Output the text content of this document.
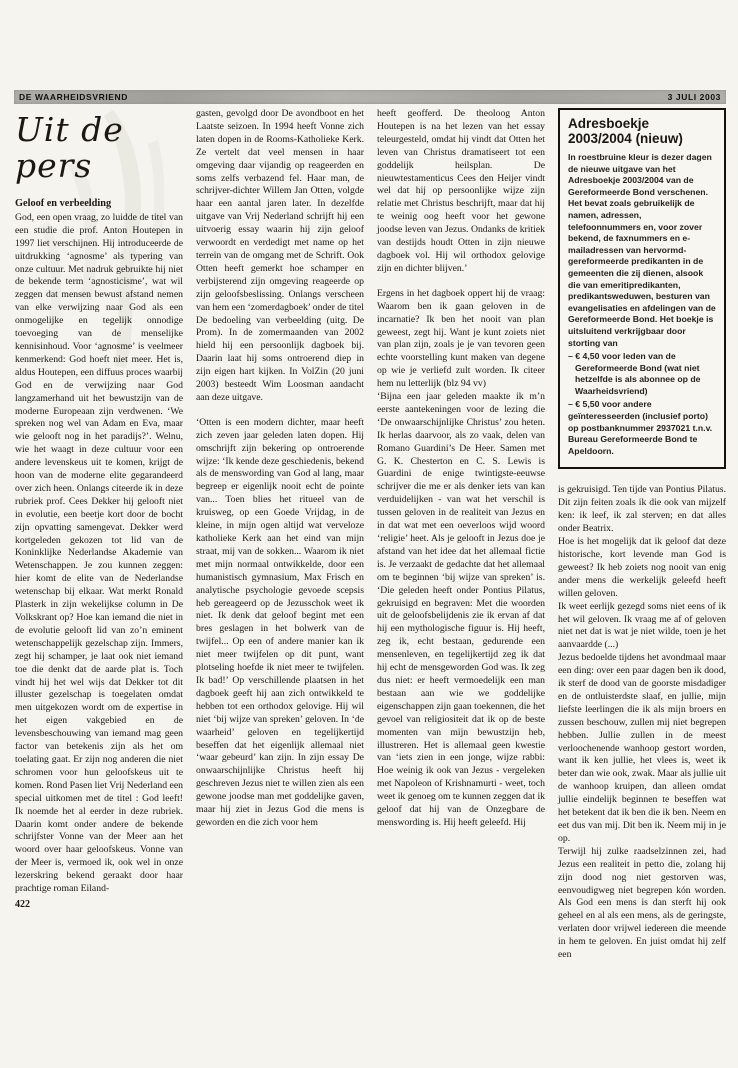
DE WAARHEIDSVRIEND	3 JULI 2003
Uit de pers
Geloof en verbeelding

God, een open vraag, zo luidde de titel van een studie die prof. Anton Houtepen in 1997 liet verschijnen. Hij introduceerde de uitdrukking ‘agnosme’ als typering van onze cultuur. Met nadruk gebruikte hij niet de bekende term ‘agnosticisme’, wat wil zeggen dat mensen bewust afstand nemen van elke verwijzing naar God als een onmogelijke en tegelijk onnodige toevoeging van de menselijke kennisinhoud. Voor ‘agnosme’ is veelmeer kenmerkend: God hoeft niet meer. Het is, aldus Houtepen, een diffuus proces waarbij God en de verwijzing naar God langzamerhand uit het bewustzijn van de moderne Europeaan zijn verdwenen. ‘We spreken nog wel van Adam en Eva, maar wie gelooft nog in het paradijs?’. Welnu, wie het waagt in deze cultuur voor een andere levenskeus uit te komen, krijgt de hoon van de moderne elite gegarandeerd over zich heen. Onlangs citeerde ik in deze rubriek prof. Cees Dekker hij gelooft niet in evolutie, een beetje kort door de bocht zijn opvatting samengevat. Dekker werd kortgeleden gekozen tot lid van de Koninklijke Nederlandse Akademie van Wetenschappen. Je zou kunnen zeggen: hier komt de elite van de Nederlandse wetenschap bij elkaar. Wat merkt Ronald Plasterk in zijn wekelijkse column in De Volkskrant op? Hoe kan iemand die niet in de evolutie gelooft lid van zo’n eminent wetenschappelijk gezelschap zijn. Immers, zegt hij schamper, je laat ook niet iemand toe die denkt dat de aarde plat is. Toch vindt hij het wel wijs dat Dekker tot dit illuster gezelschap is toegelaten omdat men uitgekozen wordt om de expertise in het eigen vakgebied en de levensbeschouwing van iemand mag geen factor van betekenis zijn als het om toelating gaat. Er zijn nog anderen die niet schromen voor hun geloofskeus uit te komen. Rond Pasen liet Vrij Nederland een special uitkomen met de titel : God leeft! Ik noemde het al eerder in deze rubriek. Daarin komt onder andere de bekende schrijfster Vonne van der Meer aan het woord over haar geloofskeus. Vonne van der Meer is, vermoed ik, ook wel in onze lezerskring bekend geraakt door haar prachtige roman Eiland-

422

gasten, gevolgd door De avondboot en het Laatste seizoen. In 1994 heeft Vonne zich laten dopen in de Rooms-Katholieke Kerk. Ze vertelt dat veel mensen in haar omgeving daar vijandig op reageerden en soms zelfs verbazend fel. Haar man, de schrijver-dichter Willem Jan Otten, volgde haar een aantal jaren later. In dezelfde uitgave van Vrij Nederland schrijft hij een uitvoerig essay waarin hij zijn geloof verwoordt en verdedigt met name op het terrein van de omgang met de Schrift. Ook Otten heeft gemerkt hoe schamper en verbijsterend zijn omgeving reageerde op zijn geloofsbeslissing. Onlangs verscheen van hem een ‘zomerdagboek’ onder de titel De bedoeling van verbeelding (uitg. De Prom). In de zomermaanden van 2002 hield hij een persoonlijk dagboek bij. Daarin laat hij soms ontroerend diep in zijn eigen hart kijken. In VolZin (20 juni 2003) besteedt Wim Loosman aandacht aan deze uitgave.

‘Otten is een modern dichter, maar heeft zich zeven jaar geleden laten dopen. Hij omschrijft zijn bekering op ontroerende wijze: ‘Ik kende deze geschiedenis, bekend als de menswording van God al lang, maar begreep er eigenlijk nooit echt de pointe van... Toen blies het ritueel van de kruisweg, op een Goede Vrijdag, in de kleine, in mijn ogen altijd wat verveloze katholieke Kerk aan het eind van mijn straat, mij van de sokken... Waarom ik niet met mijn normaal ontwikkelde, door een humanistisch gymnasium, Max Frisch en analytische psychologie gevoede scepsis heb gereageerd op de Jezusschok weet ik niet. Ik denk dat geloof begint met een bres geslagen in het bolwerk van de twijfel... Op een of andere manier kan ik niet meer twijfelen op dit punt, want plotseling hoefde ik niet meer te twijfelen. Ik bad!’ Op verschillende plaatsen in het dagboek geeft hij aan zich ontwikkeld te hebben tot een orthodox gelovige. Hij wil niet ‘bij wijze van spreken’ geloven. In ‘de waarheid’ geloven en tegelijkertijd beseffen dat het eigenlijk allemaal niet ‘waar gebeurd’ kan zijn. In zijn essay De onwaarschijnlijke Christus heeft hij geschreven Jezus niet te willen zien als een gewone joodse man met goddelijke gaven, maar hij ziet in Jezus God die mens is geworden en die zich voor hem

heeft geofferd. De theoloog Anton Houtepen is na het lezen van het essay teleurgesteld, omdat hij vindt dat Otten het leven van Christus dramatiseert tot een goddelijk heilsplan. De nieuwtestamenticus Cees den Heijer vindt wel dat hij op persoonlijke wijze zijn relatie met Christus beschrijft, maar dat hij te weinig oog heeft voor het gewone joodse leven van Jezus. Ondanks de kritiek van destijds houdt Otten in zijn nieuwe dagboek vol. Hij wil orthodox gelovige zijn en dichter blijven.’

Ergens in het dagboek oppert hij de vraag: Waarom ben ik gaan geloven in de incarnatie? Ik ben het nooit van plan geweest, zegt hij. Want je kunt zoiets niet van plan zijn, zoals je je van tevoren geen echte voorstelling kunt maken van degene op wie je verliefd zult worden. Ik citeer hem nu letterlijk (blz 94 vv)

‘Bijna een jaar geleden maakte ik m’n eerste aantekeningen voor de lezing die ‘De onwaarschijnlijke Christus’ zou heten. Ik herlas daarvoor, als zo vaak, delen van Romano Guardini’s De Heer. Samen met G. K. Chesterton en C. S. Lewis is Guardini de enige twintigste-eeuwse schrijver die me er als denker iets van kan verduidelijken - van wat het verschil is tussen geloven in de realiteit van Jezus en in dat wat met een oeverloos wijd woord ‘religie’ heet. Als je gelooft in Jezus doe je afstand van het idee dat het allemaal fictie is. Je verzaakt de gedachte dat het allemaal om te beginnen ‘bij wijze van spreken’ is. ‘Die geleden heeft onder Pontius Pilatus, gekruisigd en begraven: Met die woorden uit de geloofsbelijdenis zie ik ervan af dat hij een mythologische figuur is. Hij heeft, zeg ik, echt bestaan, gedurende een mensenleven, en tegelijkertijd zeg ik dat hij echt de mensgeworden God was. Ik zeg dus niet: er heeft vermoedelijk een man bestaan aan wie we goddelijke eigenschappen zijn gaan toekennen, die het gevoel van religiositeit dat ik op de beste momenten van mijn bewustzijn heb, illustreren. Het is allemaal geen kwestie van ‘iets zien in een jonge, wijze rabbi: Hoe weinig ik ook van Jezus - vergeleken met Napoleon of Krishnamurti - weet, toch weet ik genoeg om te kunnen zeggen dat ik geloof dat hij van de Onzegbare de menswording is. Hij heeft geleefd. Hij

Adresboekje 2003/2004 (nieuw)

In roestbruine kleur is dezer dagen de nieuwe uitgave van het Adresboekje 2003/2004 van de Gereformeerde Bond verschenen. Het bevat zoals gebruikelijk de namen, adressen, telefoonnummers en, voor zover bekend, de faxnummers en e-mailadressen van hervormd-gereformeerde predikanten in de gemeenten die zij dienen, alsook die van emeritipredikanten, predikantsweduwen, besturen van evangelisaties en afdelingen van de Gereformeerde Bond. Het boekje is uitsluitend verkrijgbaar door storting van

– € 4,50 voor leden van de Gereformeerde Bond (wat niet hetzelfde is als abonnee op de Waarheidsvriend)

– € 5,50 voor andere geïnteresseerden (inclusief porto) op postbanknummer 2937021 t.n.v. Bureau Gereformeerde Bond te Apeldoorn.

is gekruisigd. Ten tijde van Pontius Pilatus. Dit zijn feiten zoals ik die ook van mijzelf ken: ik leef, ik zal sterven; en dat alles onder Beatrix.

Hoe is het mogelijk dat ik geloof dat deze historische, kort levende man God is geweest? Ik heb zoiets nog nooit van enig ander mens die werkelijk geleefd heeft willen geloven.

Ik weet eerlijk gezegd soms niet eens of ik het wil geloven. Ik vraag me af of geloven niet net dat is wat je niet wilde, toen je het aanvaardde (...)

Jezus bedoelde tijdens het avondmaal maar een ding: over een paar dagen ben ik dood, ik sterf de dood van de goorste misdadiger en de ontluisterdste slaaf, en jullie, mijn liefste leerlingen die ik als mijn broers en zussen beschouw, zullen mij niet begrepen hebben. Jullie zullen in de meest verloochenende wanhoop gestort worden, want ik ken jullie, het vlees is, weet ik beter dan wie ook, zwak. Maar als jullie uit de wanhoop kruipen, dan alleen omdat jullie eindelijk beginnen te beseffen wat het betekent dat ik ben die ik ben. Neem en eet dus van mij. Dit ben ik. Neem mij in je op.

Terwijl hij zulke raadselzinnen zei, had Jezus een realiteit in petto die, zolang hij zijn dood nog niet gestorven was, eenvoudigweg niet begrepen kón worden. Als God een mens is dan sterft hij ook geheel en al als een mens, als de geringste, verlaten door vrijwel iedereen die meende in hem te geloven. En juist omdat hij zelf een
